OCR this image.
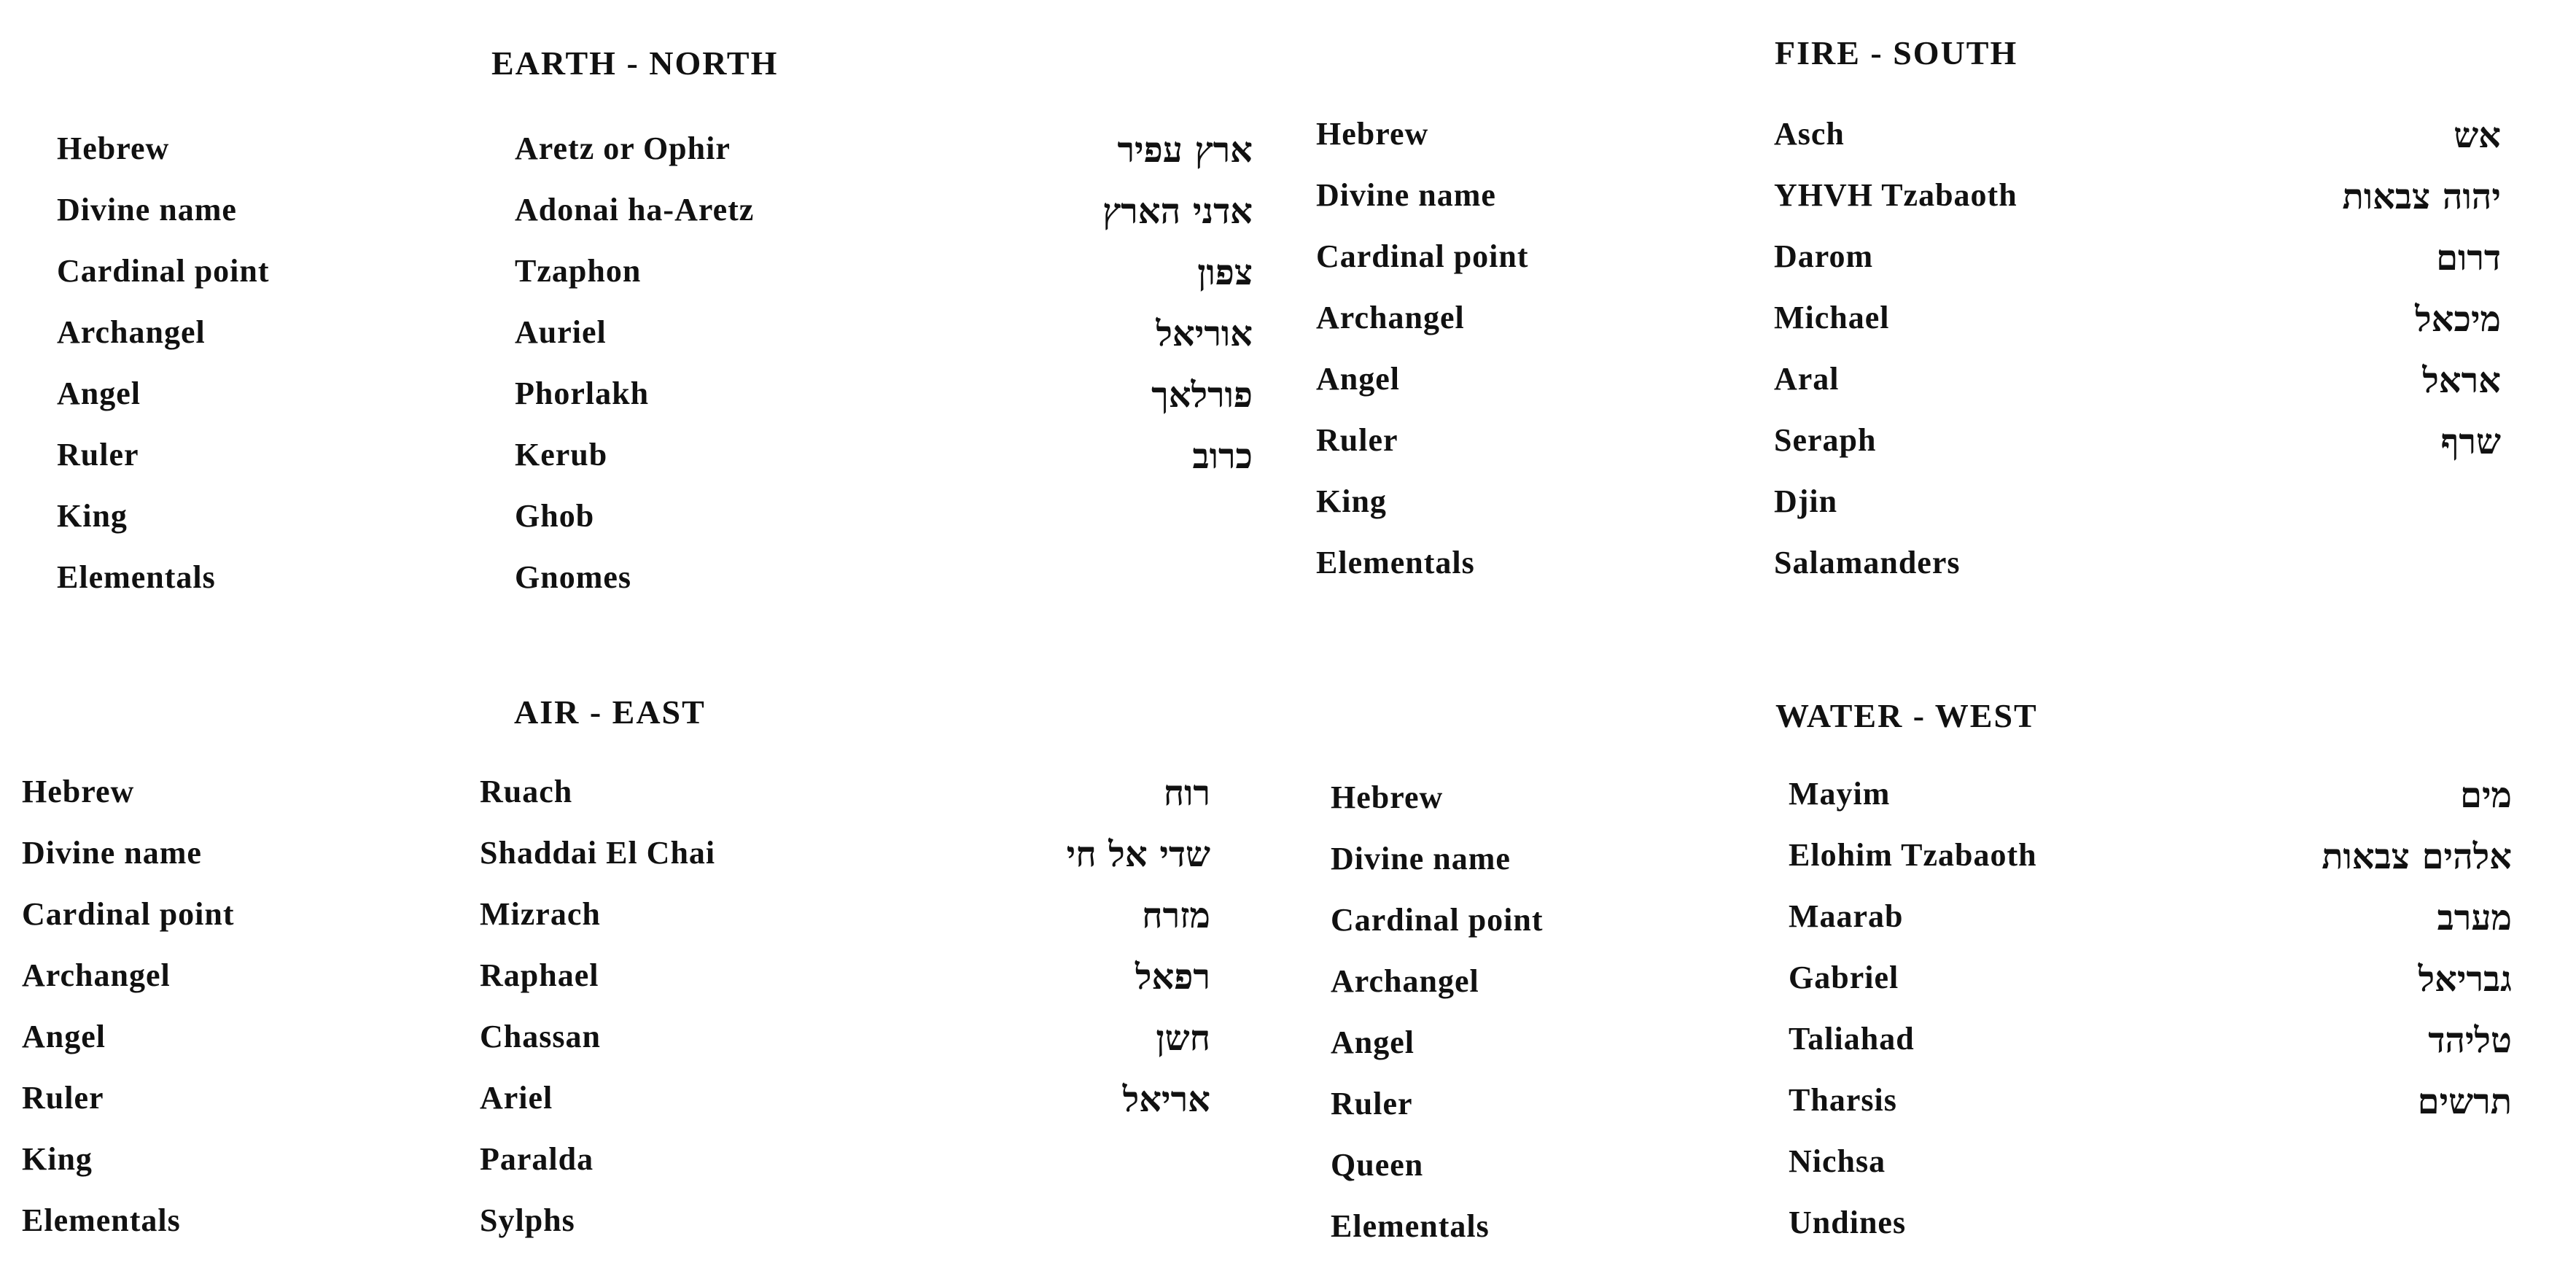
EARTH - NORTH
Hebrew	Aretz or Ophir	ארץ עפיר
Divine name	Adonai ha-Aretz	אדני הארץ
Cardinal point	Tzaphon	צפון
Archangel	Auriel	אוריאל
Angel	Phorlakh	פורלאך
Ruler	Kerub	כרוב
King	Ghob
Elementals	Gnomes
FIRE - SOUTH
Hebrew	Asch	אש
Divine name	YHVH Tzabaoth	יהוה צבאות
Cardinal point	Darom	דרום
Archangel	Michael	מיכאל
Angel	Aral	אראל
Ruler	Seraph	שרף
King	Djin
Elementals	Salamanders
AIR - EAST
Hebrew	Ruach	רוח
Divine name	Shaddai El Chai	שדי אל חי
Cardinal point	Mizrach	מזרח
Archangel	Raphael	רפאל
Angel	Chassan	חשן
Ruler	Ariel	אריאל
King	Paralda
Elementals	Sylphs
WATER - WEST
Hebrew	Mayim	מים
Divine name	Elohim Tzabaoth	אלהים צבאות
Cardinal point	Maarab	מערב
Archangel	Gabriel	גבריאל
Angel	Taliahad	טליהד
Ruler	Tharsis	תרשים
Queen	Nichsa
Elementals	Undines
